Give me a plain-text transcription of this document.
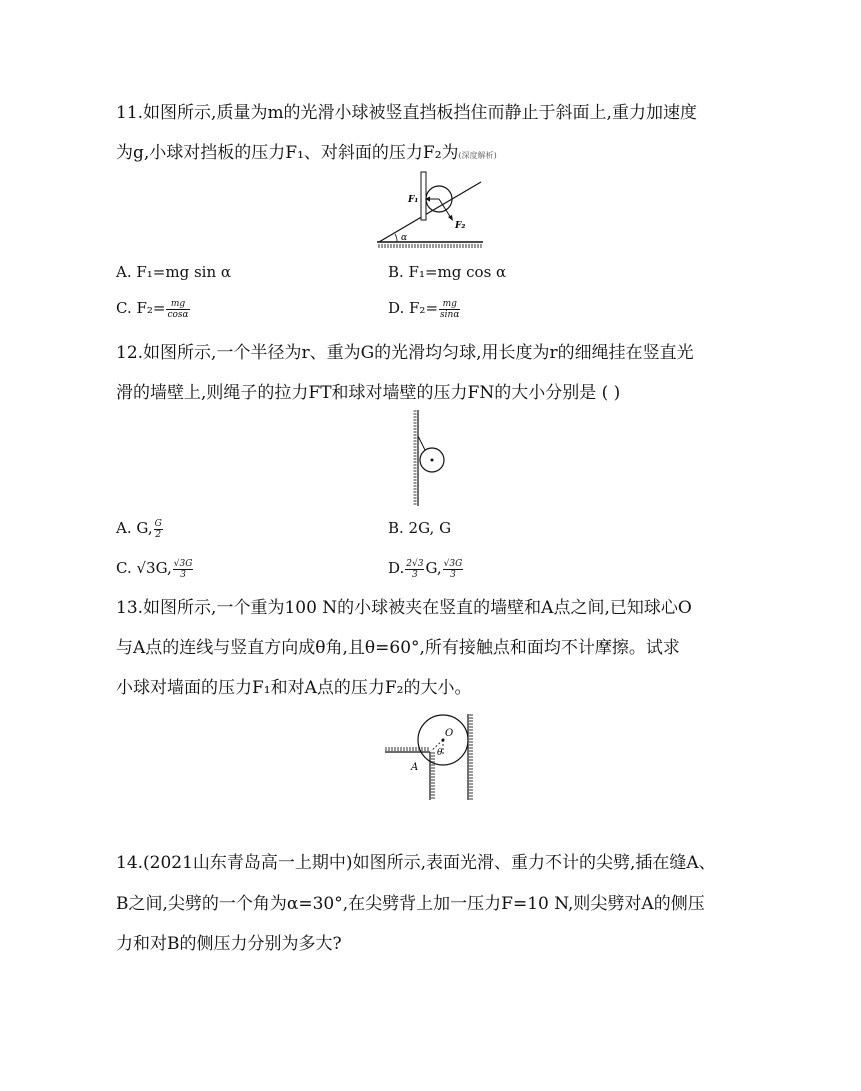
11.如图所示,质量为m的光滑小球被竖直挡板挡住而静止于斜面上,重力加速度
为g,小球对挡板的压力F₁、对斜面的压力F₂为(深度解析)
F₁
F₂
α
A. F₁=mg sin α	B. F₁=mg cos α
C. $F_2= \frac{mg}{\cos\alpha}$	D. $F_2= \frac{mg}{\sin\alpha}$
12.如图所示,一个半径为r、重为G的光滑均匀球,用长度为r的细绳挂在竖直光
滑的墙壁上,则绳子的拉力FT和球对墙壁的压力FN的大小分别是 ( )
A. G, $\frac{G}{2}$	B. 2G, G
C. √3G, $\frac{√3G}{3}$	D. $\frac{2√3}{3} G$, $\frac{√3G}{3}$
13.如图所示,一个重为100 N的小球被夹在竖直的墙壁和A点之间,已知球心O
与A点的连线与竖直方向成θ角,且θ=60°,所有接触点和面均不计摩擦。试求
小球对墙面的压力F₁和对A点的压力F₂的大小。
O
θ
A
14.(2021山东青岛高一上期中)如图所示,表面光滑、重力不计的尖劈,插在缝A、
B之间,尖劈的一个角为α=30°,在尖劈背上加一压力F=10 N,则尖劈对A的侧压
力和对B的侧压力分别为多大?
